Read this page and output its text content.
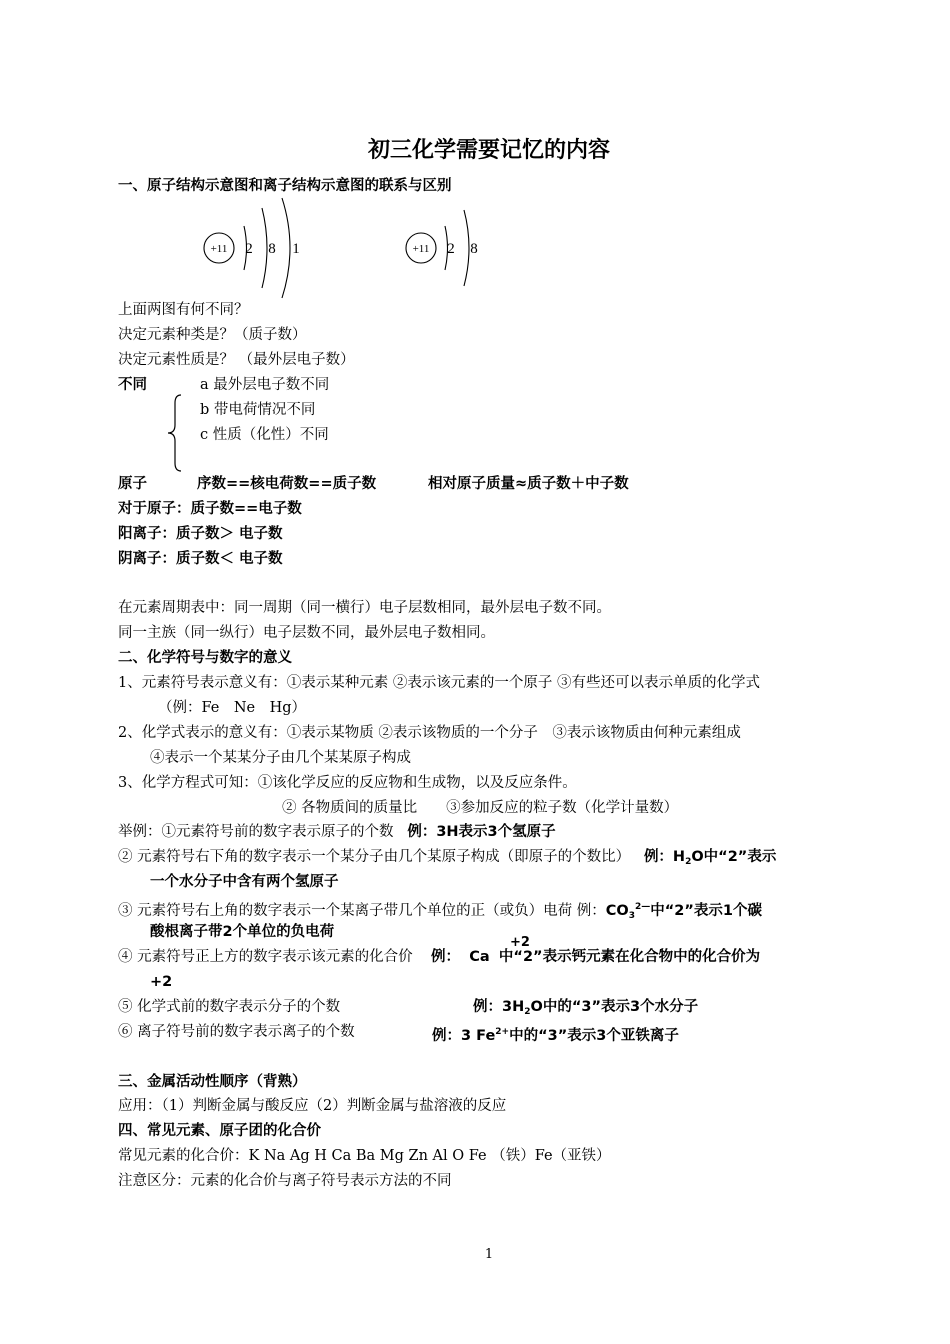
初三化学需要记忆的内容
一、原子结构示意图和离子结构示意图的联系与区别
+11 2 8 1	+11 2 8
上面两图有何不同？
决定元素种类是？（质子数）
决定元素性质是？ （最外层电子数）
不同	a 最外层电子数不同
b 带电荷情况不同
c 性质（化性）不同
原子	序数==核电荷数==质子数	相对原子质量≈质子数＋中子数
对于原子：质子数==电子数
阳离子：质子数＞ 电子数
阴离子：质子数＜ 电子数
在元素周期表中：同一周期（同一横行）电子层数相同，最外层电子数不同。
同一主族（同一纵行）电子层数不同，最外层电子数相同。
二、化学符号与数字的意义
1、元素符号表示意义有：①表示某种元素 ②表示该元素的一个原子 ③有些还可以表示单质的化学式
（例：Fe　Ne　Hg）
2、化学式表示的意义有：①表示某物质 ②表示该物质的一个分子　③表示该物质由何种元素组成
④表示一个某某分子由几个某某原子构成
3、化学方程式可知：①该化学反应的反应物和生成物，以及反应条件。
② 各物质间的质量比　　③参加反应的粒子数（化学计量数）
举例：①元素符号前的数字表示原子的个数 例：3H表示3个氢原子
② 元素符号右下角的数字表示一个某分子由几个某原子构成（即原子的个数比） 例：$H_2O$中“2”表示
一个水分子中含有两个氢原子
③ 元素符号右上角的数字表示一个某离子带几个单位的正（或负）电荷 例：$CO_3^{2—}$中“2”表示1个碳
酸根离子带2个单位的负电荷
+2
④ 元素符号正上方的数字表示该元素的化合价 例： Ca 中“2”表示钙元素在化合物中的化合价为
+2
⑤ 化学式前的数字表示分子的个数	例：$3H_2O$中的“3”表示3个水分子
⑥ 离子符号前的数字表示离子的个数	例：3 $Fe^{2+}$中的“3”表示3个亚铁离子
三、金属活动性顺序（背熟）
应用：（1）判断金属与酸反应（2）判断金属与盐溶液的反应
四、常见元素、原子团的化合价
常见元素的化合价：K Na Ag H Ca Ba Mg Zn Al O Fe （铁）Fe（亚铁）
注意区分：元素的化合价与离子符号表示方法的不同
1
